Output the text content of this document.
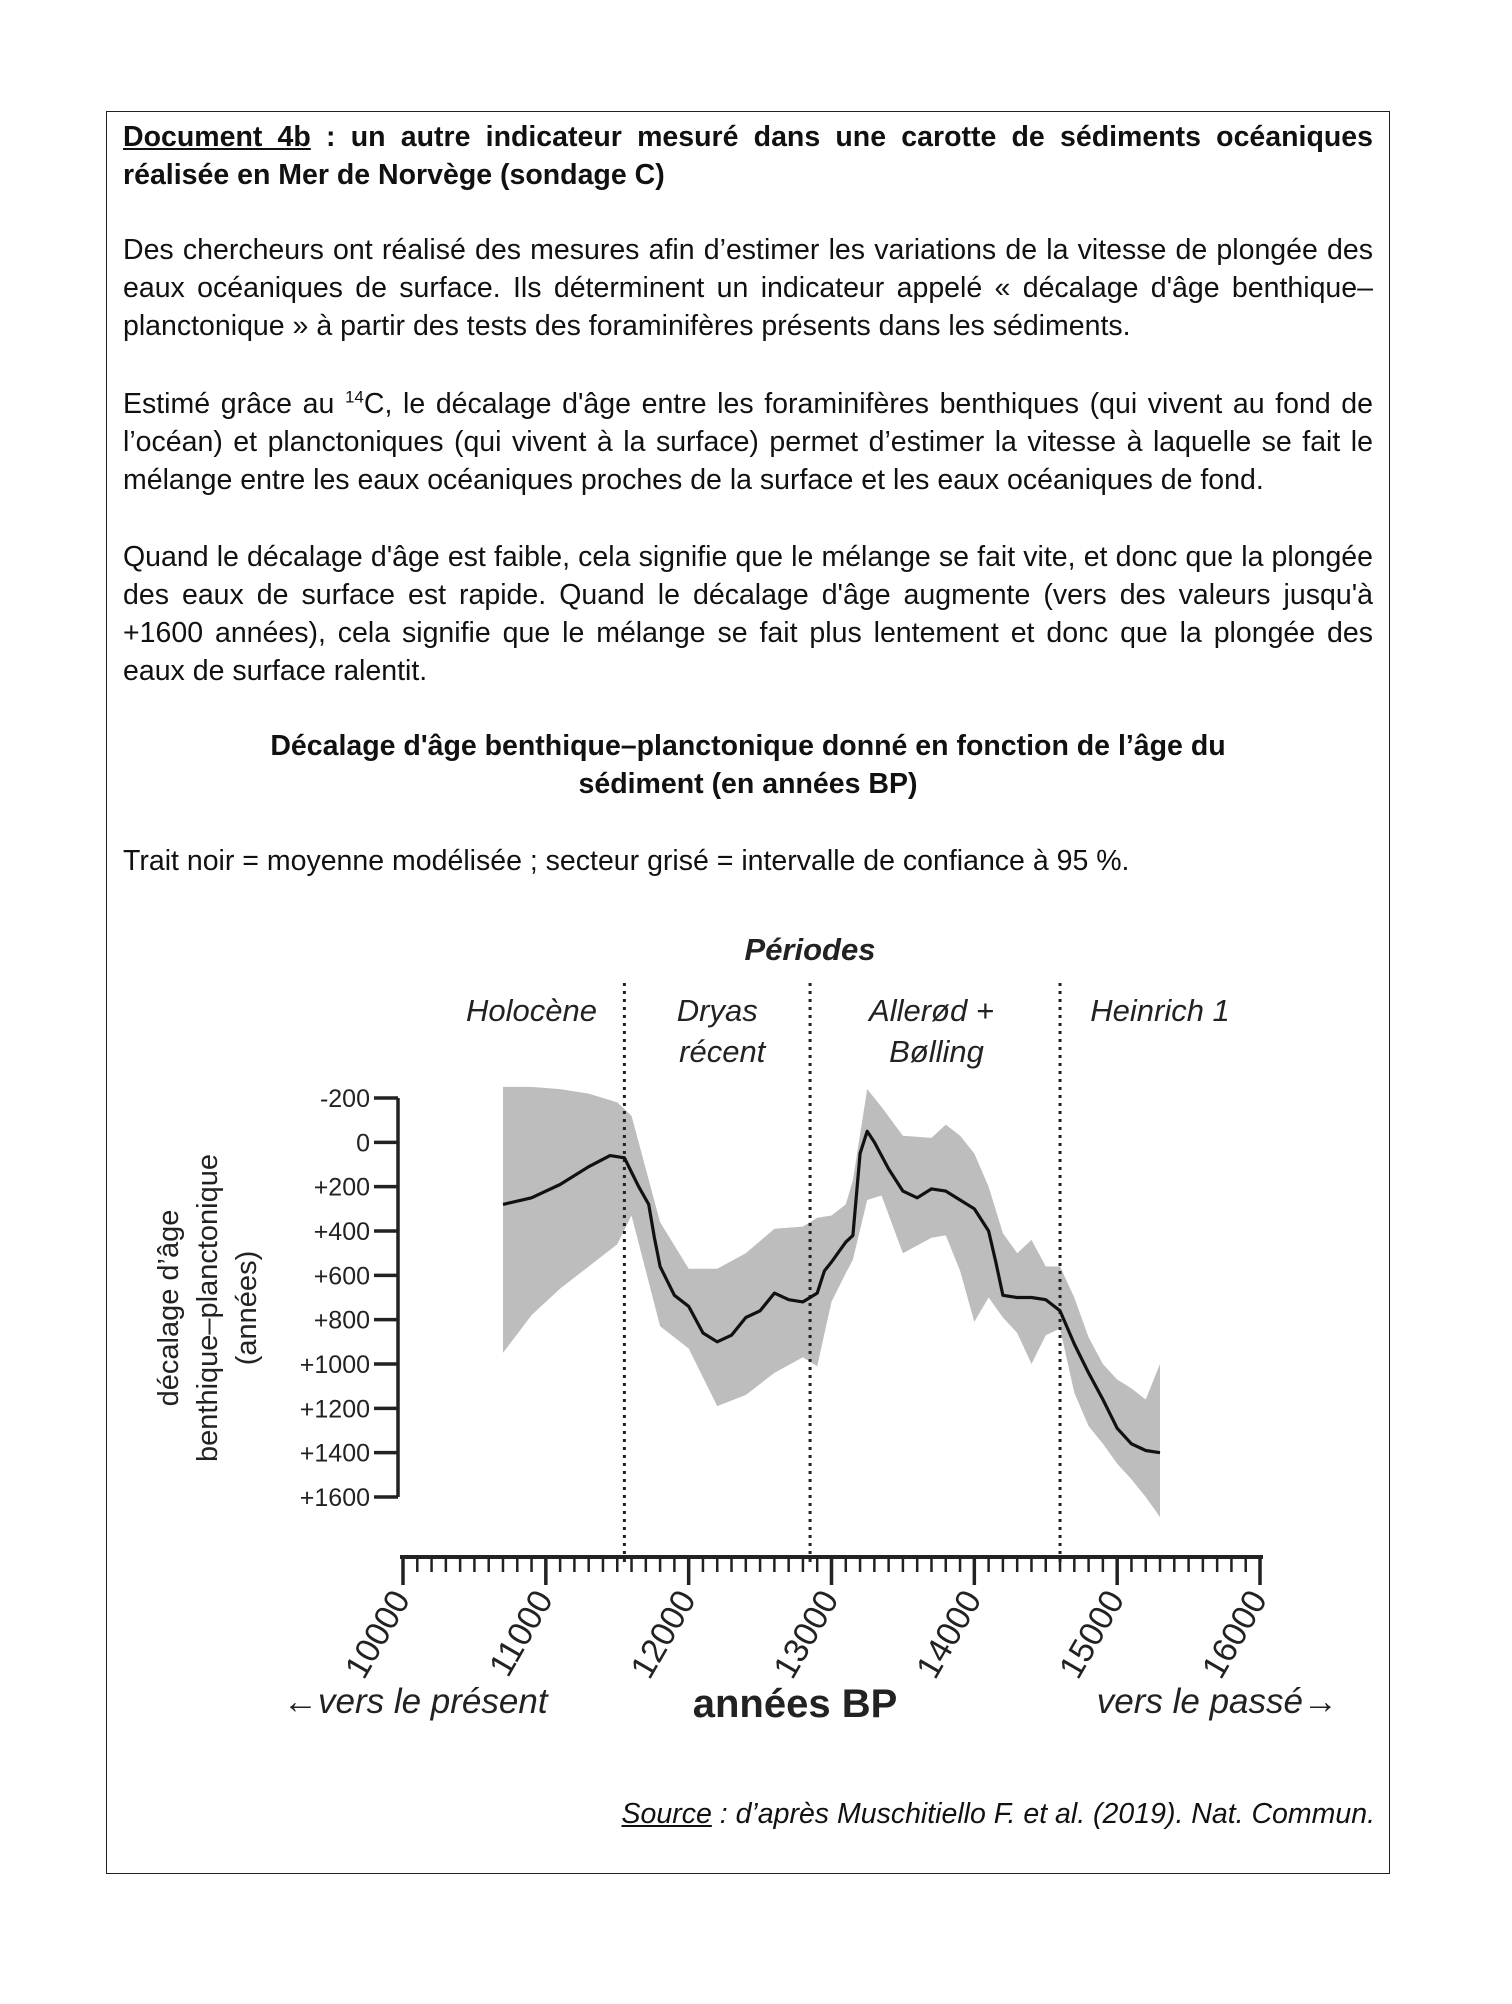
Document 4b : un autre indicateur mesuré dans une carotte de sédiments océaniques réalisée en Mer de Norvège (sondage C)
Des chercheurs ont réalisé des mesures afin d’estimer les variations de la vitesse de plongée des eaux océaniques de surface. Ils déterminent un indicateur appelé « décalage d'âge benthique–planctonique » à partir des tests des foraminifères présents dans les sédiments.
Estimé grâce au $^{14}$C, le décalage d'âge entre les foraminifères benthiques (qui vivent au fond de l’océan) et planctoniques (qui vivent à la surface) permet d’estimer la vitesse à laquelle se fait le mélange entre les eaux océaniques proches de la surface et les eaux océaniques de fond.
Quand le décalage d'âge est faible, cela signifie que le mélange se fait vite, et donc que la plongée des eaux de surface est rapide. Quand le décalage d'âge augmente (vers des valeurs jusqu'à +1600 années), cela signifie que le mélange se fait plus lentement et donc que la plongée des eaux de surface ralentit.
Décalage d'âge benthique–planctonique donné en fonction de l’âge du
sédiment (en années BP)
Trait noir = moyenne modélisée ; secteur grisé = intervalle de confiance à 95 %.
-200
0
+200
+400
+600
+800
+1000
+1200
+1400
+1600
décalage d’âge benthique–planctonique (années)
10000 11000 12000 13000 14000 15000 16000
années BP
←vers le présent	vers le passé→
Périodes
Holocène	Dryas
récent
Allerød +
Bølling
Heinrich 1
Source : d’après Muschitiello F. et al. (2019). Nat. Commun.
